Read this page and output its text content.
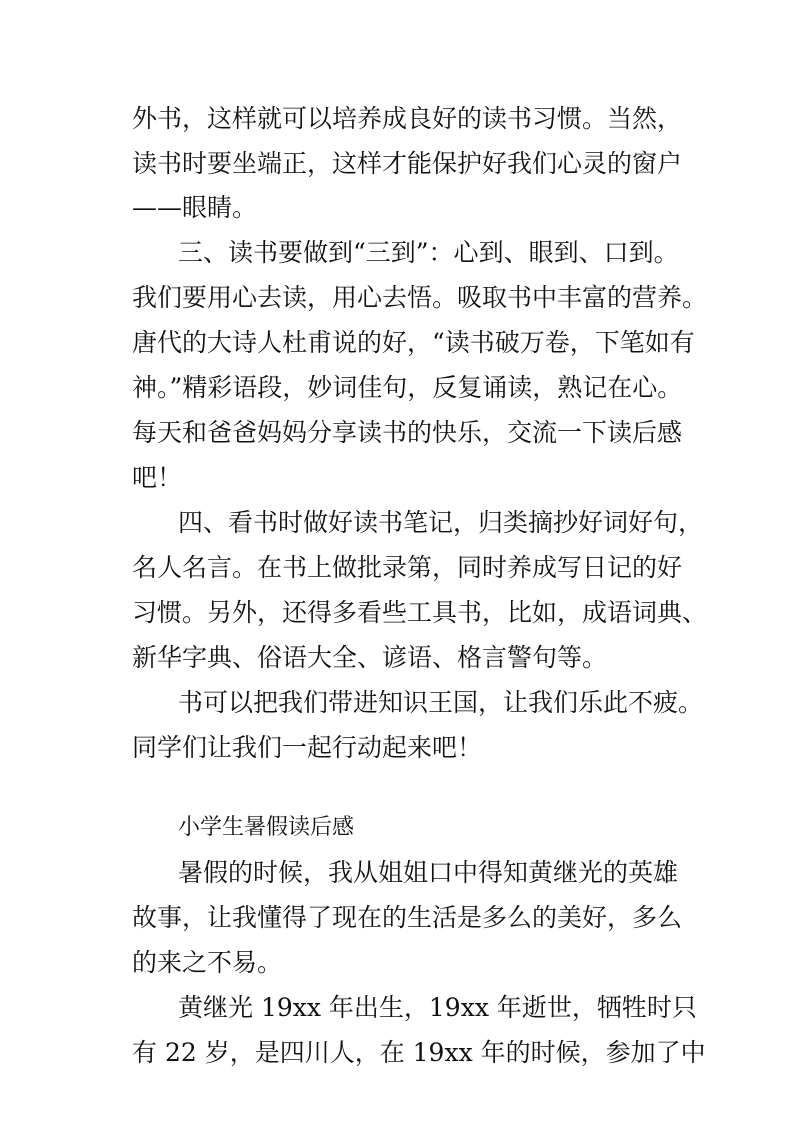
外书，这样就可以培养成良好的读书习惯。当然，
读书时要坐端正，这样才能保护好我们心灵的窗户
——眼睛。
三、读书要做到“三到”：心到、眼到、口到。
我们要用心去读，用心去悟。吸取书中丰富的营养。
唐代的大诗人杜甫说的好，“读书破万卷，下笔如有
神。”精彩语段，妙词佳句，反复诵读，熟记在心。
每天和爸爸妈妈分享读书的快乐，交流一下读后感
吧！
四、看书时做好读书笔记，归类摘抄好词好句，
名人名言。在书上做批录第，同时养成写日记的好
习惯。另外，还得多看些工具书，比如，成语词典、
新华字典、俗语大全、谚语、格言警句等。
书可以把我们带进知识王国，让我们乐此不疲。
同学们让我们一起行动起来吧！
小学生暑假读后感
暑假的时候，我从姐姐口中得知黄继光的英雄
故事，让我懂得了现在的生活是多么的美好，多么
的来之不易。
黄继光 19xx 年出生，19xx 年逝世，牺牲时只
有 22 岁，是四川人，在 19xx 年的时候，参加了中
